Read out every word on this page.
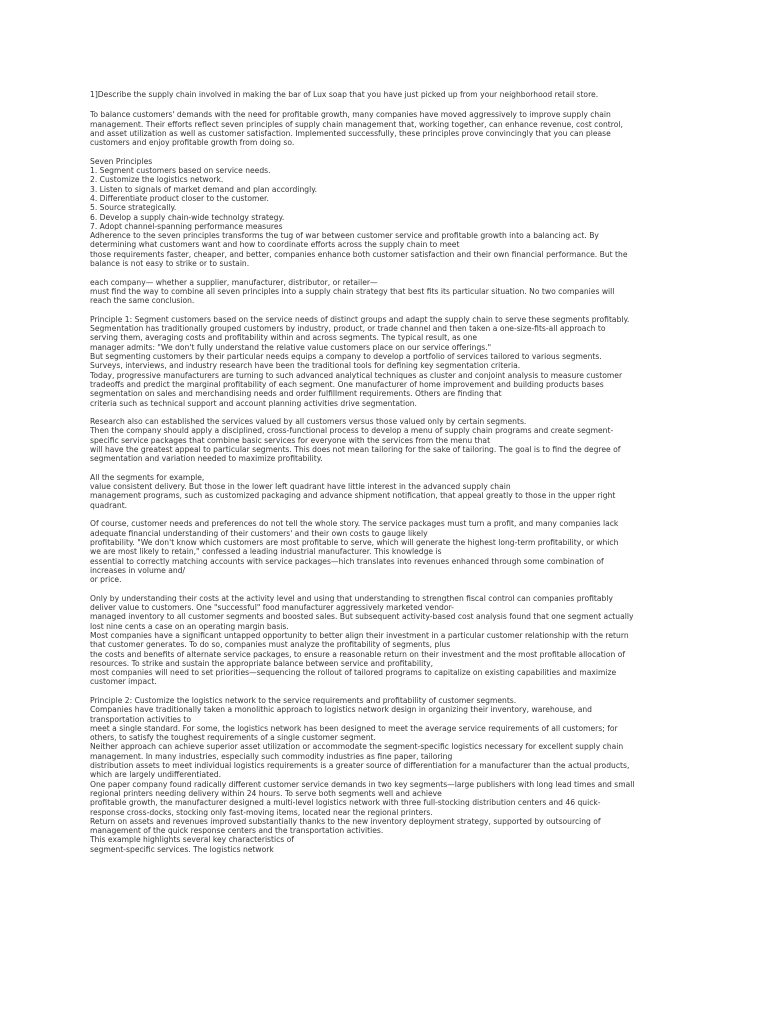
1]Describe the supply chain involved in making the bar of Lux soap that you have just picked up from your neighborhood retail store.

To balance customers' demands with the need for profitable growth, many companies have moved aggressively to improve supply chain
management. Their efforts reflect seven principles of supply chain management that, working together, can enhance revenue, cost control,
and asset utilization as well as customer satisfaction. Implemented successfully, these principles prove convincingly that you can please
customers and enjoy profitable growth from doing so.
Seven Principles
1. Segment customers based on service needs.
2. Customize the logistics network.
3. Listen to signals of market demand and plan accordingly.
4. Differentiate product closer to the customer.
5. Source strategically.
6. Develop a supply chain-wide technolgy strategy.
7. Adopt channel-spanning performance measures
Adherence to the seven principles transforms the tug of war between customer service and profitable growth into a balancing act. By
determining what customers want and how to coordinate efforts across the supply chain to meet
those requirements faster, cheaper, and better, companies enhance both customer satisfaction and their own financial performance. But the
balance is not easy to strike or to sustain.
each company— whether a supplier, manufacturer, distributor, or retailer—
must find the way to combine all seven principles into a supply chain strategy that best fits its particular situation. No two companies will
reach the same conclusion.
Principle 1: Segment customers based on the service needs of distinct groups and adapt the supply chain to serve these segments profitably.
Segmentation has traditionally grouped customers by industry, product, or trade channel and then taken a one-size-fits-all approach to
serving them, averaging costs and profitability within and across segments. The typical result, as one
manager admits: "We don't fully understand the relative value customers place on our service offerings."
But segmenting customers by their particular needs equips a company to develop a portfolio of services tailored to various segments.
Surveys, interviews, and industry research have been the traditional tools for defining key segmentation criteria.
Today, progressive manufacturers are turning to such advanced analytical techniques as cluster and conjoint analysis to measure customer
tradeoffs and predict the marginal profitability of each segment. One manufacturer of home improvement and building products bases
segmentation on sales and merchandising needs and order fulfillment requirements. Others are finding that
criteria such as technical support and account planning activities drive segmentation.
Research also can established the services valued by all customers versus those valued only by certain segments.
Then the company should apply a disciplined, cross-functional process to develop a menu of supply chain programs and create segment-
specific service packages that combine basic services for everyone with the services from the menu that
will have the greatest appeal to particular segments. This does not mean tailoring for the sake of tailoring. The goal is to find the degree of
segmentation and variation needed to maximize profitability.
All the segments for example,
value consistent delivery. But those in the lower left quadrant have little interest in the advanced supply chain
management programs, such as customized packaging and advance shipment notification, that appeal greatly to those in the upper right
quadrant.
Of course, customer needs and preferences do not tell the whole story. The service packages must turn a profit, and many companies lack
adequate financial understanding of their customers' and their own costs to gauge likely
profitability. "We don't know which customers are most profitable to serve, which will generate the highest long-term profitability, or which
we are most likely to retain," confessed a leading industrial manufacturer. This knowledge is
essential to correctly matching accounts with service packages—hich translates into revenues enhanced through some combination of
increases in volume and/
or price.
Only by understanding their costs at the activity level and using that understanding to strengthen fiscal control can companies profitably
deliver value to customers. One "successful" food manufacturer aggressively marketed vendor-
managed inventory to all customer segments and boosted sales. But subsequent activity-based cost analysis found that one segment actually
lost nine cents a case on an operating margin basis.
Most companies have a significant untapped opportunity to better align their investment in a particular customer relationship with the return
that customer generates. To do so, companies must analyze the profitability of segments, plus
the costs and benefits of alternate service packages, to ensure a reasonable return on their investment and the most profitable allocation of
resources. To strike and sustain the appropriate balance between service and profitability,
most companies will need to set priorities—sequencing the rollout of tailored programs to capitalize on existing capabilities and maximize
customer impact.
Principle 2: Customize the logistics network to the service requirements and profitability of customer segments.
Companies have traditionally taken a monolithic approach to logistics network design in organizing their inventory, warehouse, and
transportation activities to
meet a single standard. For some, the logistics network has been designed to meet the average service requirements of all customers; for
others, to satisfy the toughest requirements of a single customer segment.
Neither approach can achieve superior asset utilization or accommodate the segment-specific logistics necessary for excellent supply chain
management. In many industries, especially such commodity industries as fine paper, tailoring
distribution assets to meet individual logistics requirements is a greater source of differentiation for a manufacturer than the actual products,
which are largely undifferentiated.
One paper company found radically different customer service demands in two key segments—large publishers with long lead times and small
regional printers needing delivery within 24 hours. To serve both segments well and achieve
profitable growth, the manufacturer designed a multi-level logistics network with three full-stocking distribution centers and 46 quick-
response cross-docks, stocking only fast-moving items, located near the regional printers.
Return on assets and revenues improved substantially thanks to the new inventory deployment strategy, supported by outsourcing of
management of the quick response centers and the transportation activities.
This example highlights several key characteristics of
segment-specific services. The logistics network
